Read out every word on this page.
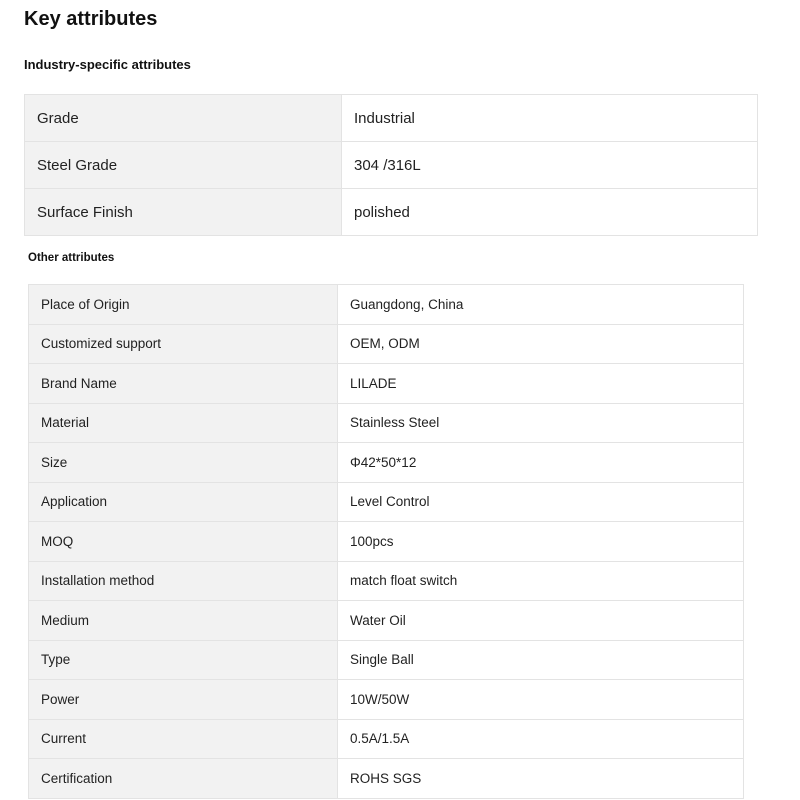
Key attributes
Industry-specific attributes
Grade	Industrial
Steel Grade	304 /316L
Surface Finish	polished
Other attributes
Place of Origin	Guangdong, China
Customized support	OEM, ODM
Brand Name	LILADE
Material	Stainless Steel
Size	Φ42*50*12
Application	Level Control
MOQ	100pcs
Installation method	match float switch
Medium	Water Oil
Type	Single Ball
Power	10W/50W
Current	0.5A/1.5A
Certification	ROHS SGS
